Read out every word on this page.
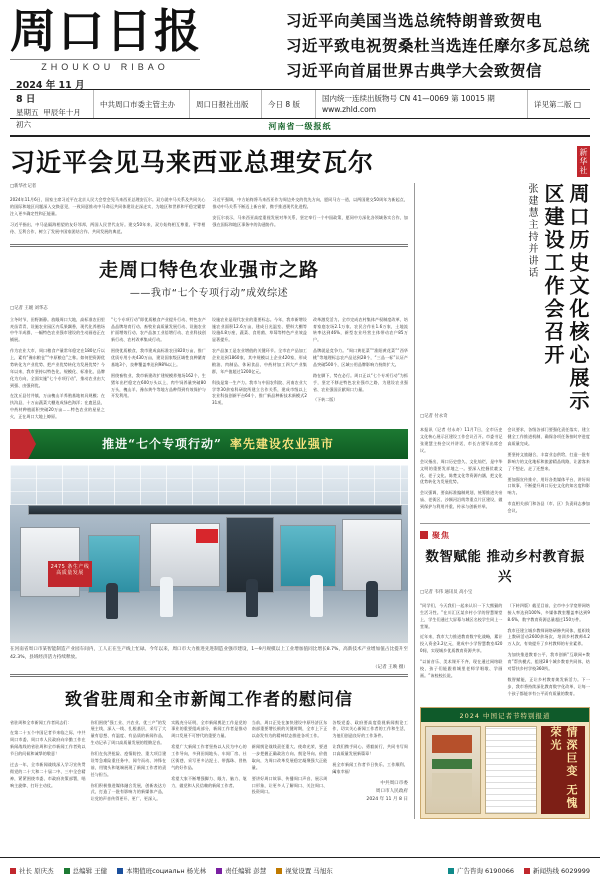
周口日报
ZHOUKOU RIBAO
习近平向美国当选总统特朗普致贺电
习近平致电祝贺桑杜当选连任摩尔多瓦总统
习近平向首届世界古典学大会致贺信
2024 年 11 月 8 日
星期五 甲辰年十月初六
中共周口市委主管主办	周口日报社出版	今日 8 版
国内统一连续出版物号 CN 41—0069 第 10015 期
www.zhld.com
详见第二版 □
河南省一级报纸
习近平会见马来西亚总理安瓦尔	新华社
□新华社记者

2024年11月6日，国家主席习近平在北京人民大会堂会见马来西亚总理安瓦尔。双方就中马关系及共同关心的国际和地区问题深入交换意见，一致同意推动中马命运共同体建设走深走实，为地区和世界和平稳定繁荐注入更多确定性和正能量。

习近平指出，中马是隔海相望的友好邻邦，两国人民世代友好。建交50年来，双方始终相互尊重、平等相待、互利合作，树立了发展中国家团结合作、共同发展的典范。

习近平强调，中方始终将马来西亚作为周边外交的优先方向，愿同马方一道，以两国建交50周年为新起点，推动中马关系不断迈上新台阶，携手推进现代化进程。

安瓦尔表示，马来西亚高度重视发展对华关系，坚定奉行一个中国政策，愿同中方深化各领域务实合作，加强在国际和地区事务中的沟通协作。

走周口特色农业强市之路
——我市“七个专项行动”成效综述
□记者 王媛 刘华志

立冬时节，田野渐静。放眼周口大地，高标准农田里麦苗青青，设施农业园区内瓜果飘香，现代化养殖场中牛羊成群，一幅特色农业强市建设的生动画卷正在铺展。

作为农业大市，周口粮食产量常年稳定在180亿斤以上，素有“豫东粮仓”“中原粮仓”之称。如何把资源优势转化为产业优势、把产业优势转化为发展优势？今年以来，我市坚持以特色化、规模化、标准化、品牌化为方向，全面实施“七个专项行动”，推动农业由大到强、由强到优。

在沈丘县付井镇，万亩槐山羊养殖基地初具规模；在扶沟县，十万亩蔬菜大棚连成绿色海洋；在鹿邑县，中药材种植面积突破20万亩……特色农业的星星之火，正在周口大地上燎原。

“七个专项行动”即优质粮食产业提升行动、特色农产品品牌培育行动、畜牧业高质量发展行动、设施农业扩面增效行动、农产品加工业倍增行动、农业科技创新行动、农村改革集成行动。

围绕优质粮食，我市建成高标准农田820万亩，推广优质专用小麦430万亩，建设国家级区域性良种繁育基地3个，良种覆盖率达到98%以上。

围绕畜牧业，我市新建改扩建规模养殖场162个，生猪年出栏稳定在600万头以上，肉牛饲养量突破80万头，槐山羊、豫东黄牛等地方品种得到有效保护与开发利用。

设施农业是现代农业的重要标志。今年，我市新增设施农业面积12.6万亩，建成日光温室、塑料大棚等设施4.8万座，蔬菜、食用菌、草莓等特色产业效益显著提升。

农产品加工是农业增值的关键环节。全市农产品加工企业达到1860家，其中规模以上企业420家，形成粮油、肉制品、休闲食品、中药材加工四大产业集群，年产值超过1200亿元。

科技是第一生产力。我市与中国农科院、河南农业大学等30余家科研院所建立合作关系，建成市级以上农业科技创新平台64个，推广新品种新技术新模式231项。

改革激发活力。全市完成农村集体产权制度改革，培育家庭农场2.1万家、农民合作社1.6万家，土地流转率达到46%，新型农业经营主体带动农户85万户。

品牌就是竞争力。“周口黄花菜”“淮阳黄花菜”“西华桃”等地理标志农产品达到28个，“三品一标”认证产品突破500个，区域公用品牌影响力持续扩大。

路在脚下，势在必行。周口正以“七个专项行动”为抓手，坚定不移走特色农业强市之路，为建设农业强省、农业强国贡献周口力量。

（下转二版）

推进“七个专项行动” 率先建设农业强市
2475 条生产线 高质量发展
在河南省周口市某智能制造产业园车间内，工人正在生产线上忙碌。今年以来，周口市大力推进先进制造业强市建设，1—9月规模以上工业增加值同比增长8.7%，高新技术产业增加值占比提升至42.3%，县域经济活力持续释放。
（记者 王映 摄）
致省驻周和全市新闻工作者的慰问信

省驻周和全市新闻工作者同志们：

在第二十五个中国记者节来临之际，中共周口市委、周口市人民政府向辛勤工作在新闻战线的省驻周和全市新闻工作者致以节日的问候和诚挚的敬意！

过去一年，全市新闻战线深入学习宣传贯彻党的二十大和二十届二中、三中全会精神，紧紧围绕市委、市政府决策部署，唱响主旋律、打好主动仗。

你们围绕“强工业、兴农业、优三产”的发展主线，深入一线、扎根基层，采写了大量有思想、有温度、有品质的新闻作品，生动记录了周口高质量发展的铿锵足音。

你们在抗洪抢险、疫情防控、重大项目建设等急难险重任务中，闻令而动、冲锋在前，用镜头和笔端展现了新闻工作者的责任与担当。

你们积极推进媒体融合发展，创新表达方式，打造了一批有影响力的新媒体产品，让党的声音传得更开、更广、更深入。

实践充分证明，全市新闻舆论工作是党的事业的重要组成部分，新闻工作者是推动周口发展不可替代的重要力量。

希望广大新闻工作者坚持以人民为中心的工作导向，多到田间地头、车间厂房、社区街巷，采写更多沾泥土、带露珠、冒热气的好作品。

希望大家不断增强脚力、眼力、脑力、笔力，做党和人民信赖的新闻工作者。

当前，周口正处在加快建设中原经济区东南部重要增长极的关键时期，全市上下正以奋发有为的精神状态推进各项工作。

新闻舆论战线责任重大、使命光荣，要进一步把握正确政治方向、舆论导向、价值取向，为周口改革发展稳定凝聚强大正能量。

要讲好周口故事、传播周口声音、展示周口形象，让更多人了解周口、关注周口、投资周口。

各级党委、政府要高度重视新闻舆论工作，切实关心新闻工作者的工作和生活，为他们创造良好的工作条件。

让我们携手同心、勇毅前行，共同书写周口高质量发展新篇章！

祝全市新闻工作者节日快乐、工作顺利、阖家幸福！

中共周口市委
周口市人民政府
2024 年 11 月 8 日
张建慧主持并讲话	周口历史文化核心展示区建设工作会召开
□记者 付永奇

本报讯（记者 付永奇）11月7日，全市历史文化核心展示区建设工作会议召开。市委书记张建慧主持会议并讲话，市长吉建军出席会议。

会议指出，周口历史悠久、文化灿烂，是中华文明的重要发祥地之一。要深入挖掘伏羲文化、老子文化、陈楚文化等资源内涵，把文化优势转化为发展优势。

会议强调，要高标准编制规划，统筹推进关帝庙、老街区、沙颍河沿线等重点片区建设，做到保护与利用并重、传承与创新并举。

会议要求，各级各部门要强化责任落实，建立健全工作推进机制，确保各项任务按时序进度高质量完成。

要坚持文旅融合，丰富业态供给，打造一批有影响力的文化地标和旅游精品线路，让游客来了不想走、走了还想来。

要加强宣传推介，用好各类媒体平台，讲好周口故事，不断提升周口历史文化的知名度和影响力。

市直相关部门和各县（市、区）负责同志参加会议。

聚焦
数智赋能 推动乡村教育振兴
□记者 韦伟 通讯员 高小宝

“同学们，今天我们一起来认识一下大熊猫的生活习性。”在川汇区某乡村小学的智慧课堂上，学生们通过大屏幕与城区名校学生同上一堂课。

近年来，我市大力推进教育数字化战略，累计投入资金3.2亿元，建成中小学智慧教室4200间，实现城乡优质教育资源共享。

“以前音乐、美术课开不齐，现在通过网络联校，孩子们能跟着城里老师学唱歌、学画画。”该校校长说。

（下转四版）截至目前，全市中小学宽带网络接入率达到100%，多媒体教室覆盖率达到98.6%，数字教育资源总量超过150万件。

我市还建立城乡教师网络研修共同体，组织线上教研活动2600余场次，培训乡村教师4.2万人次，有效提升了乡村教师的专业素养。

为加快推进教育公平，我市创新“互联网+教育”帮扶模式，组建28个城乡教育共同体，结对帮扶乡村学校360所。

数智赋能，正让乡村教育焕发新活力。下一步，我市将持续深化教育数字化改革，让每一个孩子都能享有公平而有质量的教育。

2024 中国记者节特别报道
情深巨变 无愧荣光
社长 原庆杰	总编辑 王健	本期值班социальн 杨光林	责任编辑 彭慧	视觉设置 马旭东	广告咨询 6190066	新闻热线 6029999
